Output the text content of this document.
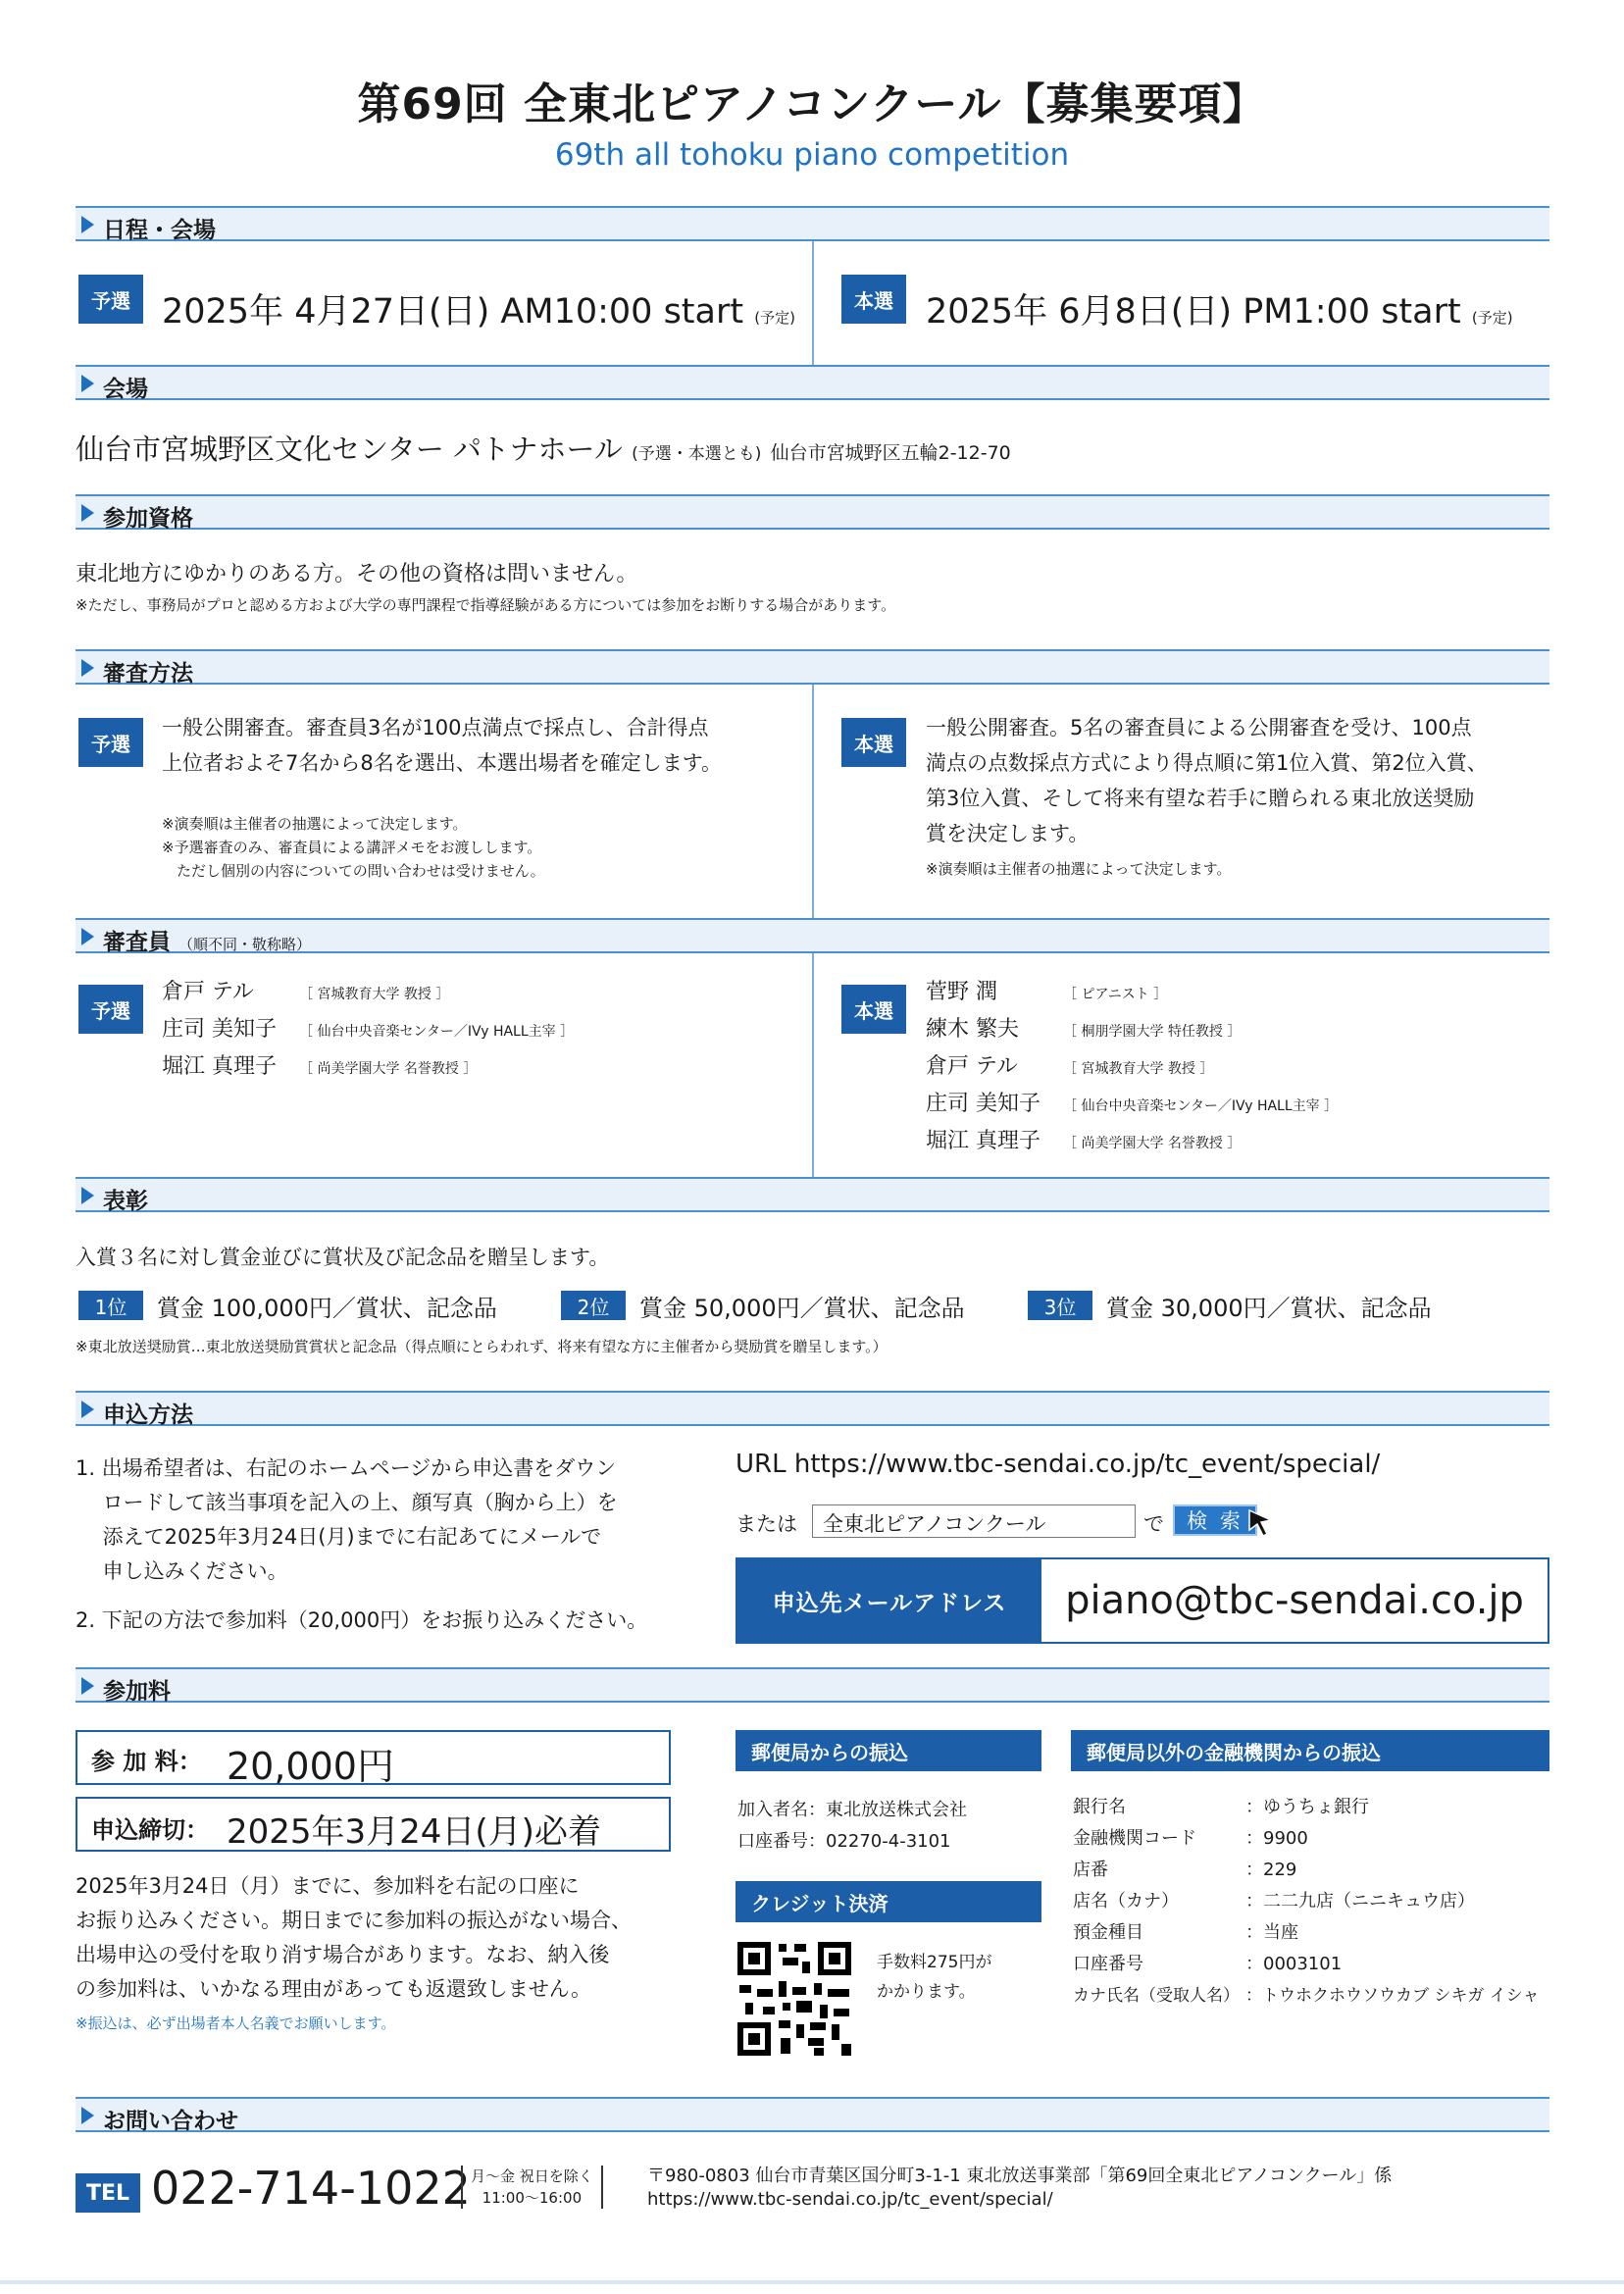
第69回 全東北ピアノコンクール【募集要項】
69th all tohoku piano competition
日程・会場
予選 2025年 4月27日(日) AM10:00 start (予定)
本選 2025年 6月8日(日) PM1:00 start (予定)
会場
仙台市宮城野区文化センター パトナホール (予選・本選とも) 仙台市宮城野区五輪2-12-70
参加資格
東北地方にゆかりのある方。その他の資格は問いません。
※ただし、事務局がプロと認める方および大学の専門課程で指導経験がある方については参加をお断りする場合があります。
審査方法
予選
一般公開審査。審査員3名が100点満点で採点し、合計得点
上位者およそ7名から8名を選出、本選出場者を確定します。
※演奏順は主催者の抽選によって決定します。
※予選審査のみ、審査員による講評メモをお渡しします。
　ただし個別の内容についての問い合わせは受けません。
本選
一般公開審査。5名の審査員による公開審査を受け、100点
満点の点数採点方式により得点順に第1位入賞、第2位入賞、
第3位入賞、そして将来有望な若手に贈られる東北放送奨励
賞を決定します。
※演奏順は主催者の抽選によって決定します。
審査員 （順不同・敬称略）
予選
倉戸 テル	［ 宮城教育大学 教授 ］
庄司 美知子 ［ 仙台中央音楽センター／IVy HALL主宰 ］
堀江 真理子 ［ 尚美学園大学 名誉教授 ］
本選
菅野 潤	［ ピアニスト ］
練木 繁夫	［ 桐朋学園大学 特任教授 ］
倉戸 テル	［ 宮城教育大学 教授 ］
庄司 美知子 ［ 仙台中央音楽センター／IVy HALL主宰 ］
堀江 真理子 ［ 尚美学園大学 名誉教授 ］
表彰
入賞３名に対し賞金並びに賞状及び記念品を贈呈します。
1位	賞金 100,000円／賞状、記念品	2位	賞金 50,000円／賞状、記念品	3位	賞金 30,000円／賞状、記念品
※東北放送奨励賞…東北放送奨励賞賞状と記念品（得点順にとらわれず、将来有望な方に主催者から奨励賞を贈呈します。）
申込方法
1. 出場希望者は、右記のホームページから申込書をダウン
　 ロードして該当事項を記入の上、顔写真（胸から上）を
　 添えて2025年3月24日(月)までに右記あてにメールで
　 申し込みください。
2. 下記の方法で参加料（20,000円）をお振り込みください。
URL https://www.tbc-sendai.co.jp/tc_event/special/
または	全東北ピアノコンクール	で	検 索
申込先メールアドレス	piano@tbc-sendai.co.jp
参加料
参 加 料： 20,000円
申込締切： 2025年3月24日(月)必着
2025年3月24日（月）までに、参加料を右記の口座に
お振り込みください。期日までに参加料の振込がない場合、
出場申込の受付を取り消す場合があります。なお、納入後
の参加料は、いかなる理由があっても返還致しません。
※振込は、必ず出場者本人名義でお願いします。
郵便局からの振込
加入者名：東北放送株式会社
口座番号：02270-4-3101
クレジット決済
手数料275円が
かかります。
郵便局以外の金融機関からの振込
銀行名	：ゆうちょ銀行
金融機関コード	：9900
店番	：229
店名（カナ）	：二二九店（ニニキュウ店）
預金種目	：当座
口座番号	：0003101
カナ氏名（受取人名） ：トウホクホウソウカブ シキガ イシャ
お問い合わせ
TEL 022-714-1022 月〜金 祝日を除く
11:00〜16:00
〒980-0803 仙台市青葉区国分町3-1-1 東北放送事業部「第69回全東北ピアノコンクール」係
https://www.tbc-sendai.co.jp/tc_event/special/
